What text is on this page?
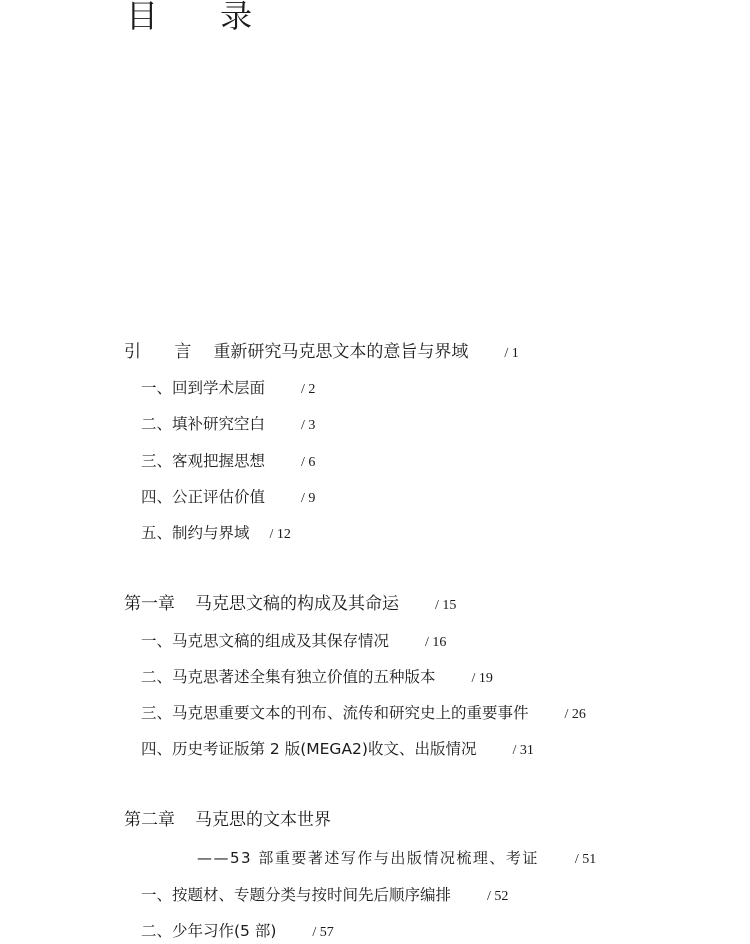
目 录
引 言 重新研究马克思文本的意旨与界域	/ 1
一、回到学术层面	/ 2
二、填补研究空白	/ 3
三、客观把握思想	/ 6
四、公正评估价值	/ 9
五、制约与界域 / 12
第一章 马克思文稿的构成及其命运	/ 15
一、马克思文稿的组成及其保存情况	/ 16
二、马克思著述全集有独立价值的五种版本	/ 19
三、马克思重要文本的刊布、流传和研究史上的重要事件	/ 26
四、历史考证版第 2 版(MEGA2)收文、出版情况	/ 31
第二章 马克思的文本世界
——53 部重要著述写作与出版情况梳理、考证	/ 51
一、按题材、专题分类与按时间先后顺序编排	/ 52
二、少年习作(5 部)	/ 57
